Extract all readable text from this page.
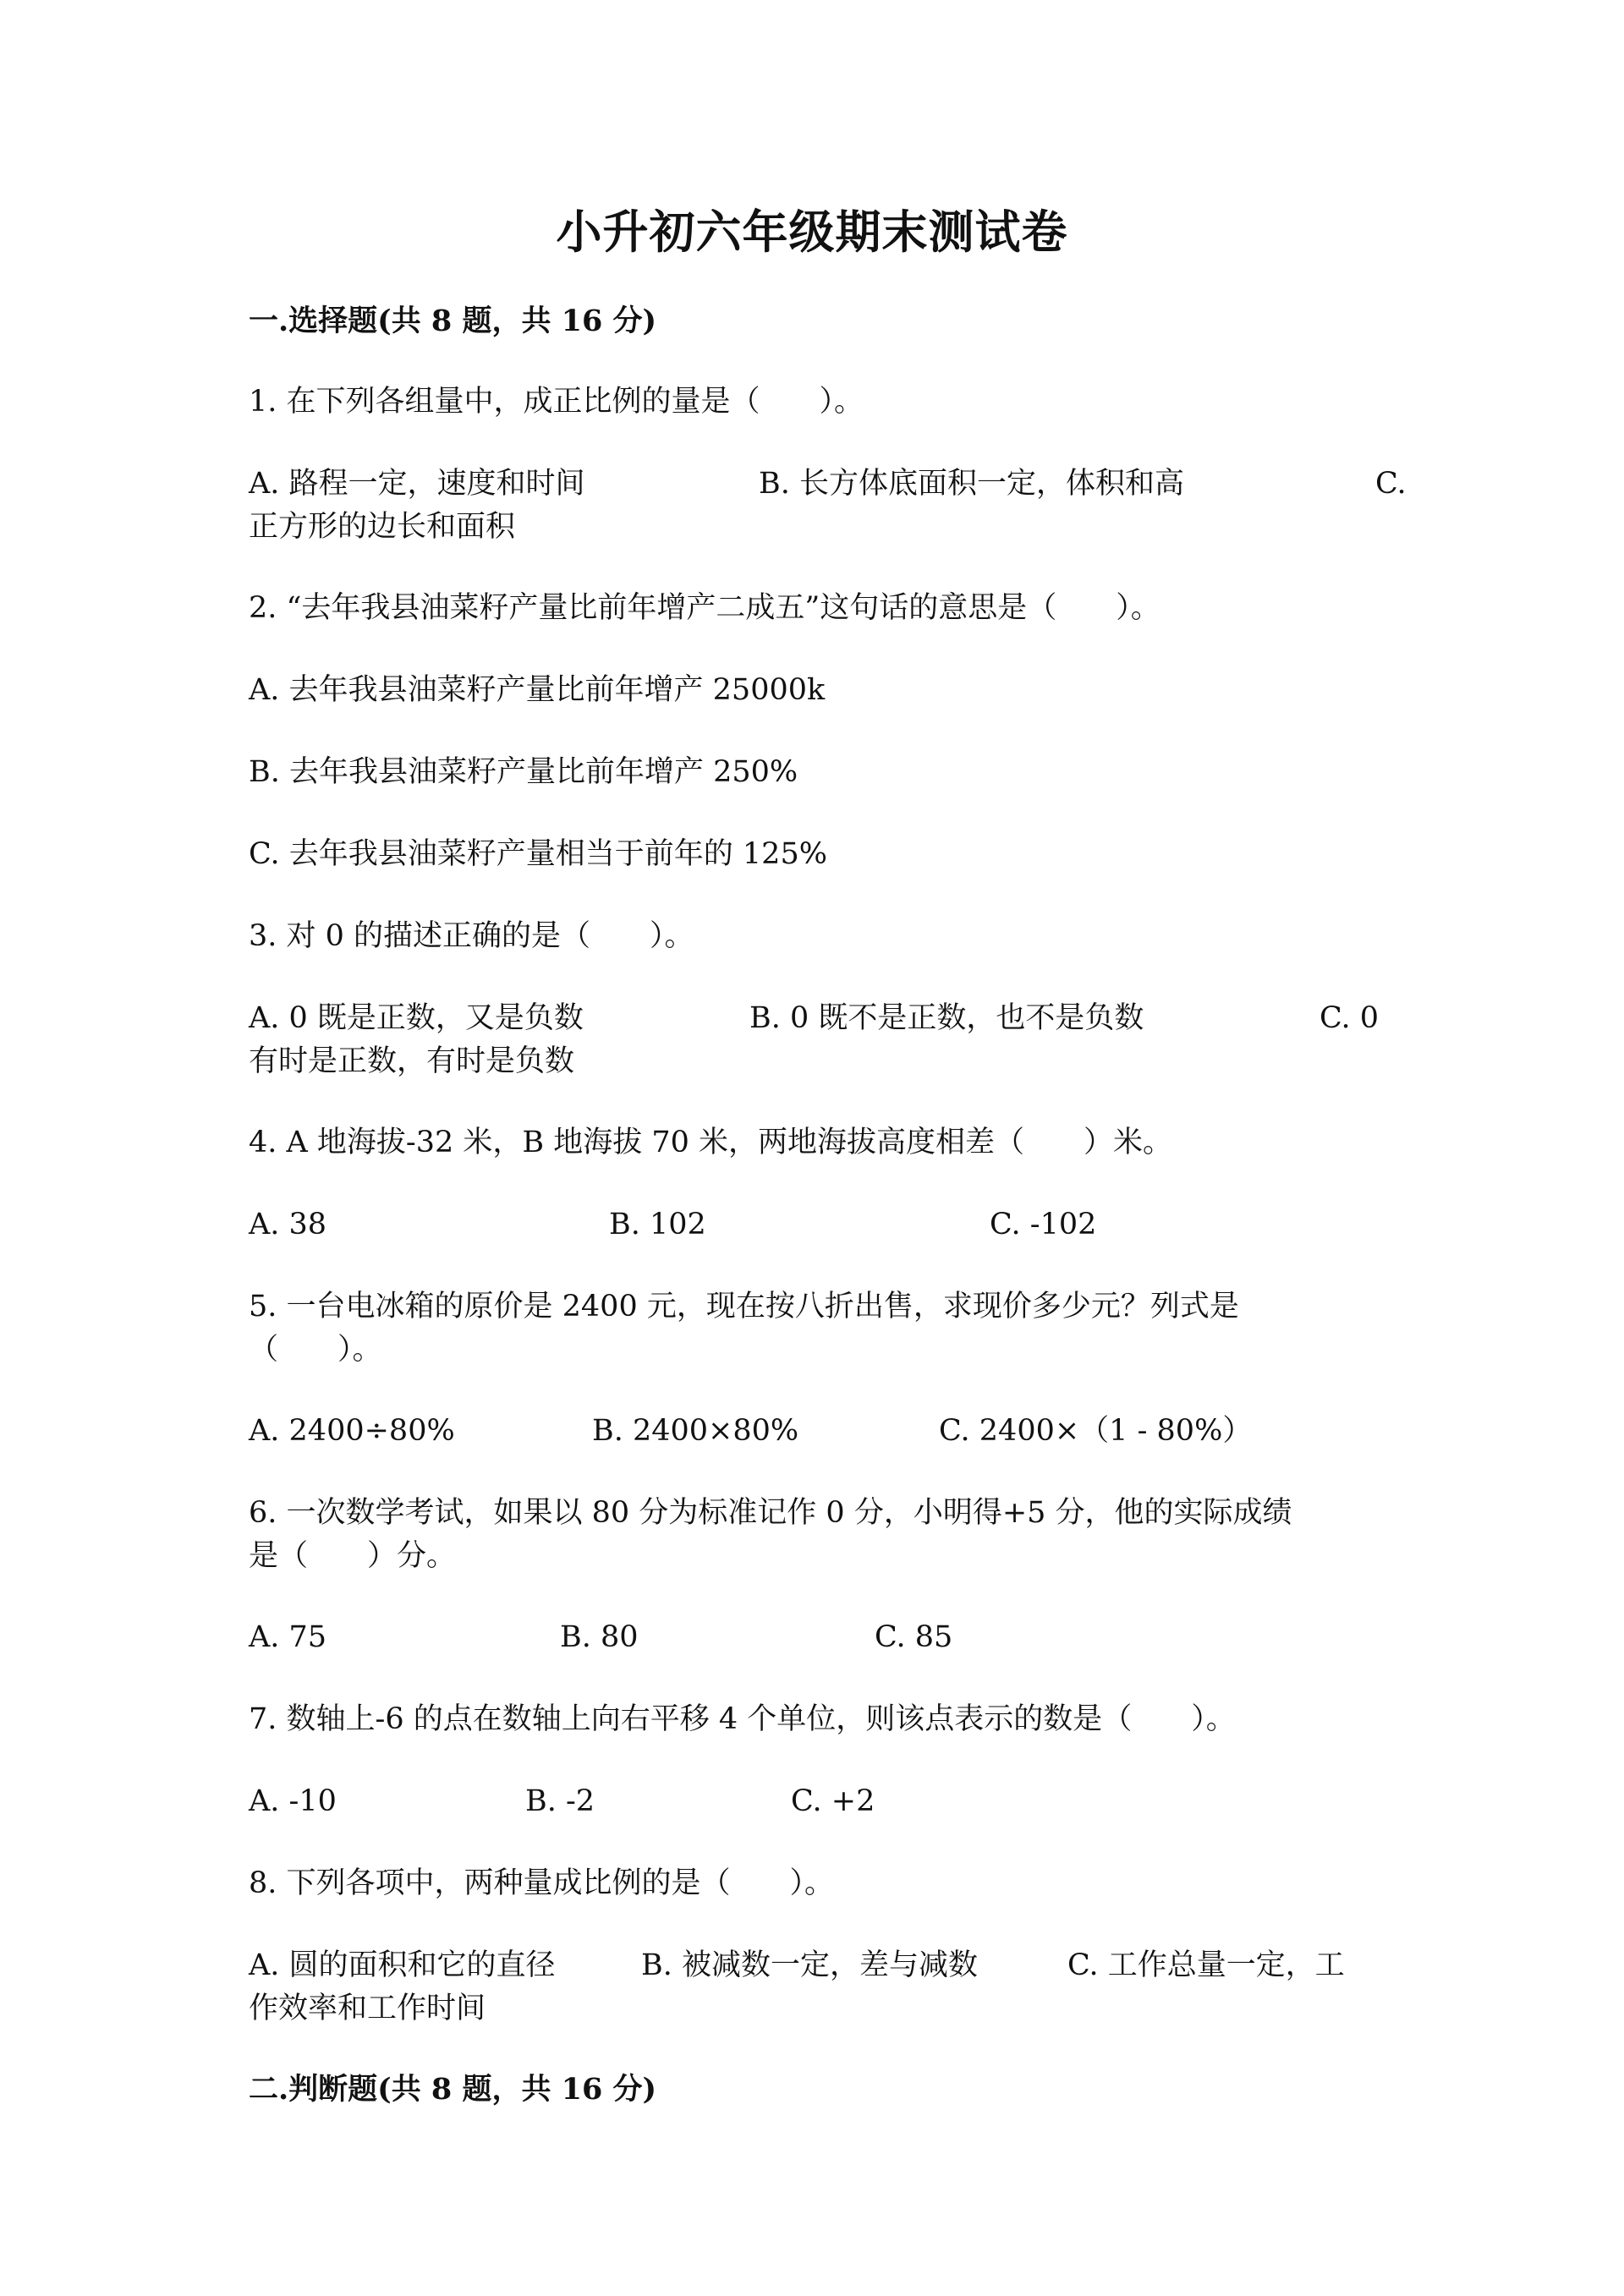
小升初六年级期末测试卷
一.选择题(共 8 题，共 16 分)
1. 在下列各组量中，成正比例的量是（　　）。
A. 路程一定，速度和时间	B. 长方体底面积一定，体积和高	C.
正方形的边长和面积
2. “去年我县油菜籽产量比前年增产二成五”这句话的意思是（　　）。
A. 去年我县油菜籽产量比前年增产 25000k
B. 去年我县油菜籽产量比前年增产 250%
C. 去年我县油菜籽产量相当于前年的 125%
3. 对 0 的描述正确的是（　　）。
A. 0 既是正数，又是负数	B. 0 既不是正数，也不是负数	C. 0
有时是正数，有时是负数
4. A 地海拔-32 米，B 地海拔 70 米，两地海拔高度相差（　　）米。
A. 38	B. 102	C. -102
5. 一台电冰箱的原价是 2400 元，现在按八折出售，求现价多少元？列式是
（　　）。
A. 2400÷80%	B. 2400×80%	C. 2400×（1 - 80%）
6. 一次数学考试，如果以 80 分为标准记作 0 分，小明得+5 分，他的实际成绩
是（　　）分。
A. 75	B. 80	C. 85
7. 数轴上-6 的点在数轴上向右平移 4 个单位，则该点表示的数是（　　）。
A. -10	B. -2	C. +2
8. 下列各项中，两种量成比例的是（　　）。
A. 圆的面积和它的直径	B. 被减数一定，差与减数	C. 工作总量一定，工
作效率和工作时间
二.判断题(共 8 题，共 16 分)
